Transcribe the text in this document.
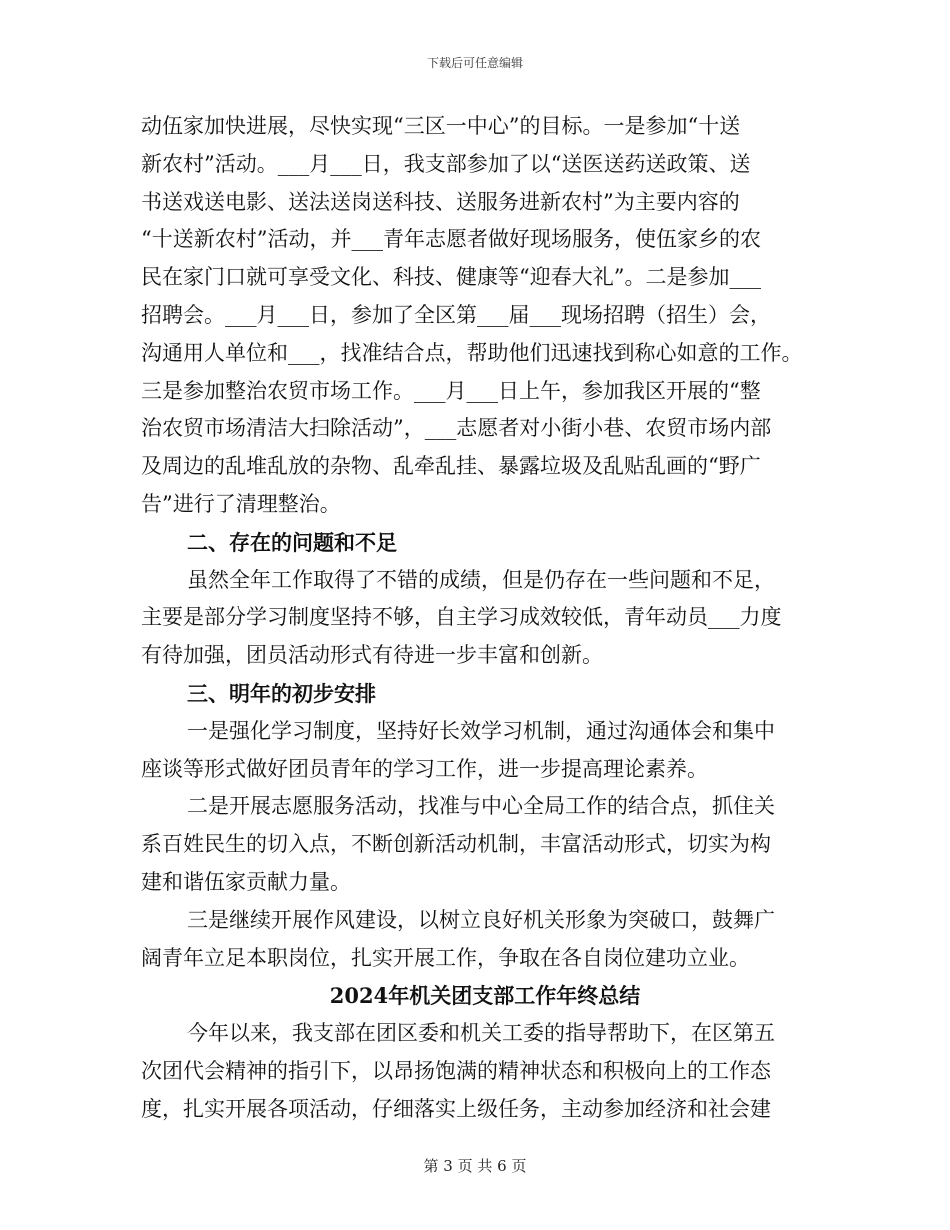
下载后可任意编辑
动伍家加快进展，尽快实现“三区一中心”的目标。一是参加“十送
新农村”活动。___月___日，我支部参加了以“送医送药送政策、送
书送戏送电影、送法送岗送科技、送服务进新农村”为主要内容的
“十送新农村”活动，并___青年志愿者做好现场服务，使伍家乡的农
民在家门口就可享受文化、科技、健康等“迎春大礼”。二是参加___
招聘会。___月___日，参加了全区第___届___现场招聘（招生）会，
沟通用人单位和___，找准结合点，帮助他们迅速找到称心如意的工作。
三是参加整治农贸市场工作。___月___日上午，参加我区开展的“整
治农贸市场清洁大扫除活动”，___志愿者对小街小巷、农贸市场内部
及周边的乱堆乱放的杂物、乱牵乱挂、暴露垃圾及乱贴乱画的“野广
告”进行了清理整治。
二、存在的问题和不足
虽然全年工作取得了不错的成绩，但是仍存在一些问题和不足，
主要是部分学习制度坚持不够，自主学习成效较低，青年动员___力度
有待加强，团员活动形式有待进一步丰富和创新。
三、明年的初步安排
一是强化学习制度，坚持好长效学习机制，通过沟通体会和集中
座谈等形式做好团员青年的学习工作，进一步提高理论素养。
二是开展志愿服务活动，找准与中心全局工作的结合点，抓住关
系百姓民生的切入点，不断创新活动机制，丰富活动形式，切实为构
建和谐伍家贡献力量。
三是继续开展作风建设，以树立良好机关形象为突破口，鼓舞广
阔青年立足本职岗位，扎实开展工作，争取在各自岗位建功立业。
2024年机关团支部工作年终总结
今年以来，我支部在团区委和机关工委的指导帮助下，在区第五
次团代会精神的指引下，以昂扬饱满的精神状态和积极向上的工作态
度，扎实开展各项活动，仔细落实上级任务，主动参加经济和社会建
第 3 页 共 6 页
